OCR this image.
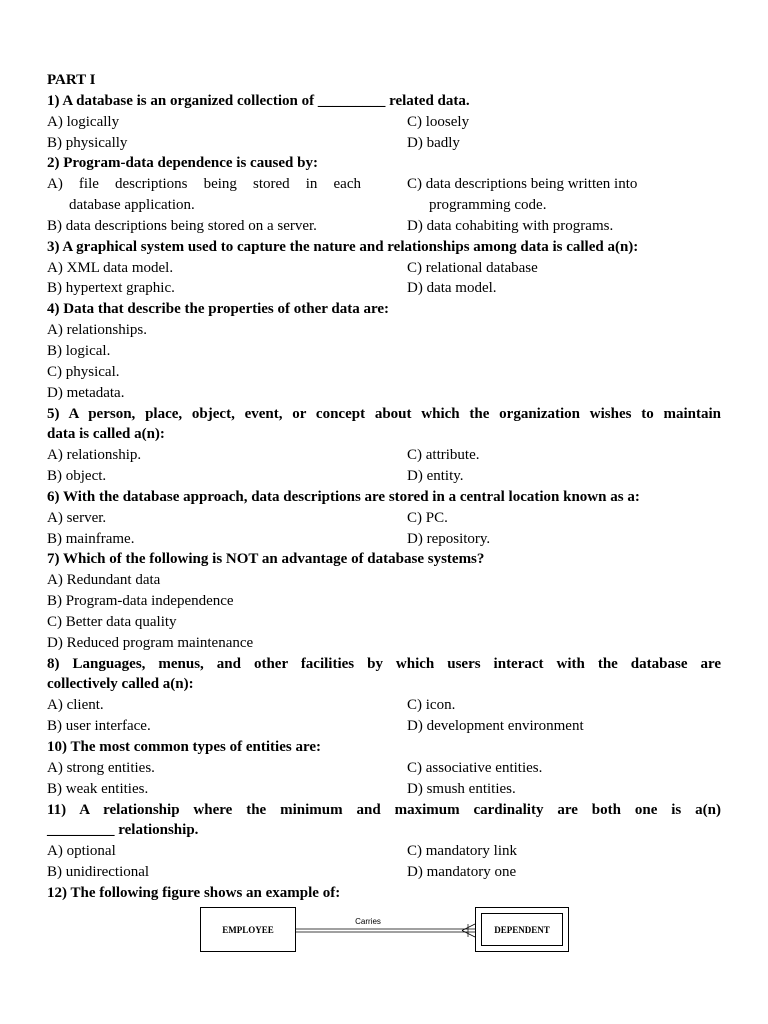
PART I
1) A database is an organized collection of _________ related data.
A) logically	C) loosely
B) physically	D) badly
2) Program-data dependence is caused by:
A) file descriptions being stored in each	C) data descriptions being written into
database application.	programming code.
B) data descriptions being stored on a server.	D) data cohabiting with programs.
3) A graphical system used to capture the nature and relationships among data is called a(n):
A) XML data model.	C) relational database
B) hypertext graphic.	D) data model.
4) Data that describe the properties of other data are:
A) relationships.
B) logical.
C) physical.
D) metadata.
5) A person, place, object, event, or concept about which the organization wishes to maintain
data is called a(n):
A) relationship.	C) attribute.
B) object.	D) entity.
6) With the database approach, data descriptions are stored in a central location known as a:
A) server.	C) PC.
B) mainframe.	D) repository.
7) Which of the following is NOT an advantage of database systems?
A) Redundant data
B) Program-data independence
C) Better data quality
D) Reduced program maintenance
8) Languages, menus, and other facilities by which users interact with the database are
collectively called a(n):
A) client.	C) icon.
B) user interface.	D) development environment
10) The most common types of entities are:
A) strong entities.	C) associative entities.
B) weak entities.	D) smush entities.
11) A relationship where the minimum and maximum cardinality are both one is a(n)
_________ relationship.
A) optional	C) mandatory link
B) unidirectional	D) mandatory one
12) The following figure shows an example of:
EMPLOYEE
Carries
DEPENDENT
